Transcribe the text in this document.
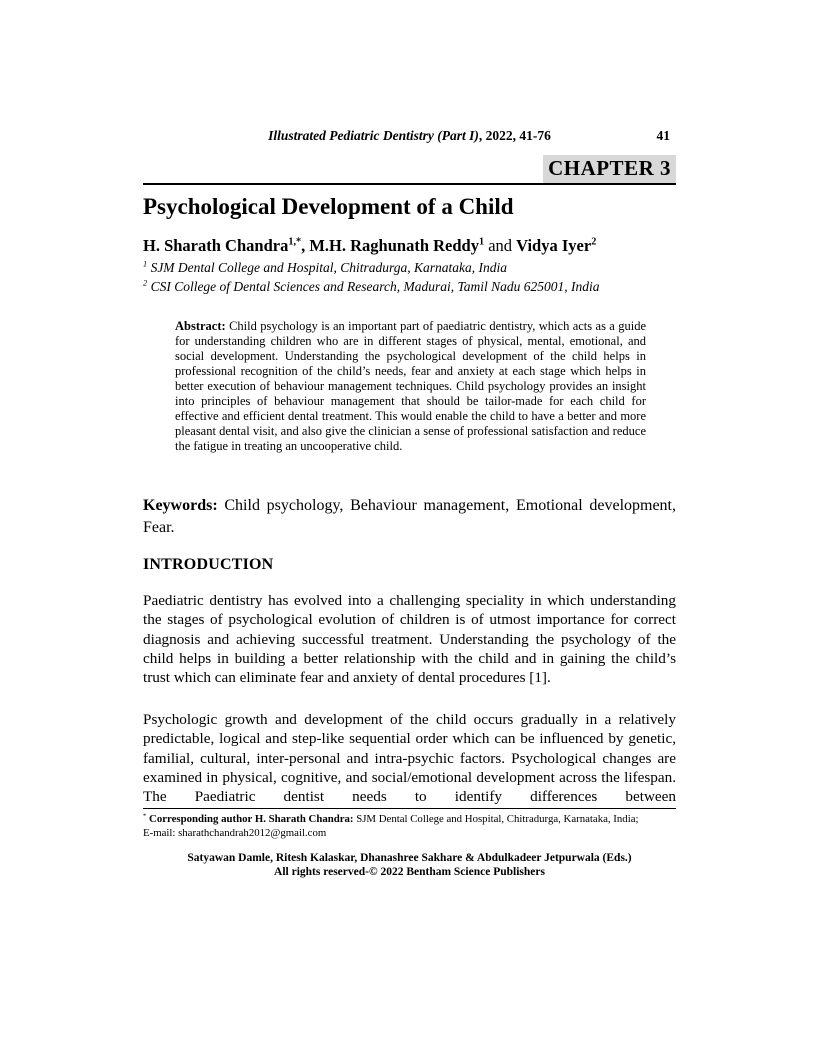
Illustrated Pediatric Dentistry (Part I), 2022, 41-76	41
CHAPTER 3
Psychological Development of a Child
H. Sharath Chandra$^{1,*}$, M.H. Raghunath Reddy$^1$ and Vidya Iyer$^2$
$^1$ SJM Dental College and Hospital, Chitradurga, Karnataka, India
$^2$ CSI College of Dental Sciences and Research, Madurai, Tamil Nadu 625001, India

Abstract: Child psychology is an important part of paediatric dentistry, which acts as a guide for understanding children who are in different stages of physical, mental, emotional, and social development. Understanding the psychological development of the child helps in professional recognition of the child’s needs, fear and anxiety at each stage which helps in better execution of behaviour management techniques. Child psychology provides an insight into principles of behaviour management that should be tailor-made for each child for effective and efficient dental treatment. This would enable the child to have a better and more pleasant dental visit, and also give the clinician a sense of professional satisfaction and reduce the fatigue in treating an uncooperative child.

Keywords: Child psychology, Behaviour management, Emotional development, Fear.

INTRODUCTION

Paediatric dentistry has evolved into a challenging speciality in which understanding the stages of psychological evolution of children is of utmost importance for correct diagnosis and achieving successful treatment. Understanding the psychology of the child helps in building a better relationship with the child and in gaining the child’s trust which can eliminate fear and anxiety of dental procedures [1].

Psychologic growth and development of the child occurs gradually in a relatively predictable, logical and step-like sequential order which can be influenced by genetic, familial, cultural, inter-personal and intra-psychic factors. Psychological changes are examined in physical, cognitive, and social/emotional development across the lifespan. The Paediatric dentist needs to identify differences between

* Corresponding author H. Sharath Chandra: SJM Dental College and Hospital, Chitradurga, Karnataka, India;
E-mail: sharathchandrah2012@gmail.com
Satyawan Damle, Ritesh Kalaskar, Dhanashree Sakhare & Abdulkadeer Jetpurwala (Eds.)
All rights reserved-© 2022 Bentham Science Publishers
